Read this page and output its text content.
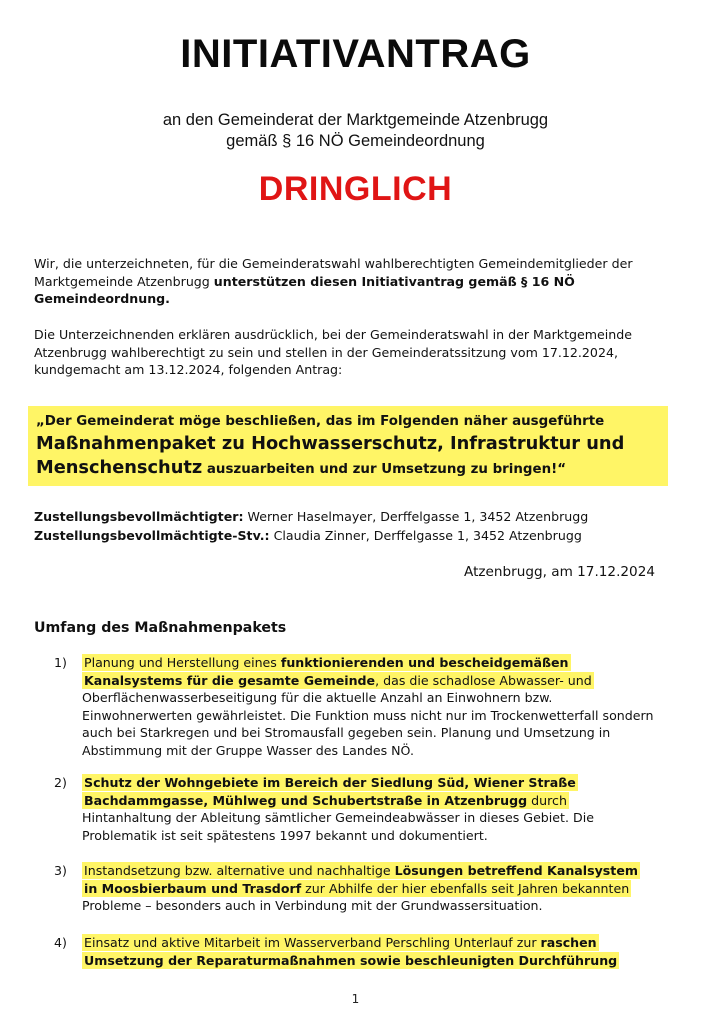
INITIATIVANTRAG
an den Gemeinderat der Marktgemeinde Atzenbrugg
gemäß § 16 NÖ Gemeindeordnung
DRINGLICH
Wir, die unterzeichneten, für die Gemeinderatswahl wahlberechtigten Gemeindemitglieder der Marktgemeinde Atzenbrugg unterstützen diesen Initiativantrag gemäß § 16 NÖ Gemeindeordnung.
Die Unterzeichnenden erklären ausdrücklich, bei der Gemeinderatswahl in der Marktgemeinde Atzenbrugg wahlberechtigt zu sein und stellen in der Gemeinderatssitzung vom 17.12.2024, kundgemacht am 13.12.2024, folgenden Antrag:
„Der Gemeinderat möge beschließen, das im Folgenden näher ausgeführte
Maßnahmenpaket zu Hochwasserschutz, Infrastruktur und Menschenschutz auszuarbeiten und zur Umsetzung zu bringen!“
Zustellungsbevollmächtigter: Werner Haselmayer, Derffelgasse 1, 3452 Atzenbrugg
Zustellungsbevollmächtigte-Stv.: Claudia Zinner, Derffelgasse 1, 3452 Atzenbrugg
Atzenbrugg, am 17.12.2024
Umfang des Maßnahmenpakets
1)	Planung und Herstellung eines funktionierenden und bescheidgemäßen Kanalsystems für die gesamte Gemeinde, das die schadlose Abwasser- und Oberflächenwasserbeseitigung für die aktuelle Anzahl an Einwohnern bzw. Einwohnerwerten gewährleistet. Die Funktion muss nicht nur im Trockenwetterfall sondern auch bei Starkregen und bei Stromausfall gegeben sein. Planung und Umsetzung in Abstimmung mit der Gruppe Wasser des Landes NÖ.
2)	Schutz der Wohngebiete im Bereich der Siedlung Süd, Wiener Straße Bachdammgasse, Mühlweg und Schubertstraße in Atzenbrugg durch Hintanhaltung der Ableitung sämtlicher Gemeindeabwässer in dieses Gebiet. Die Problematik ist seit spätestens 1997 bekannt und dokumentiert.
3)	Instandsetzung bzw. alternative und nachhaltige Lösungen betreffend Kanalsystem in Moosbierbaum und Trasdorf zur Abhilfe der hier ebenfalls seit Jahren bekannten Probleme – besonders auch in Verbindung mit der Grundwassersituation.
4)	Einsatz und aktive Mitarbeit im Wasserverband Perschling Unterlauf zur raschen Umsetzung der Reparaturmaßnahmen sowie beschleunigten Durchführung
1
